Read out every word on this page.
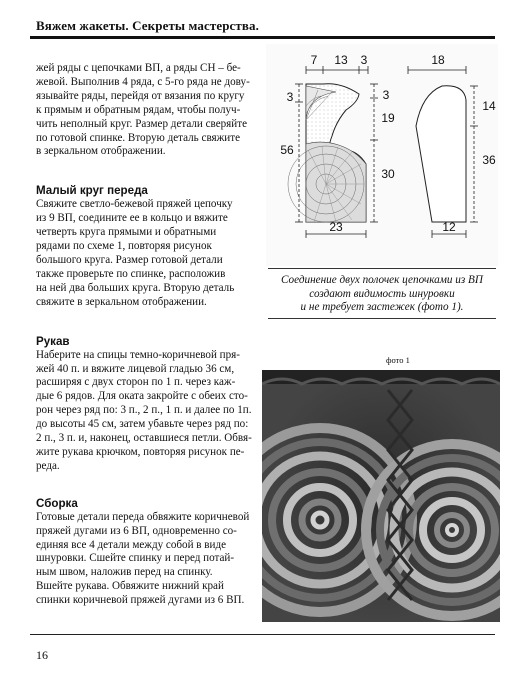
Вяжем жакеты. Секреты мастерства.

жей ряды с цепочками ВП, а ряды СН – бе-
жевой. Выполнив 4 ряда, с 5-го ряда не дову-
язывайте ряды, перейдя от вязания по кругу
к прямым и обратным рядам, чтобы получ-
чить неполный круг. Размер детали сверяйте
по готовой спинке. Вторую деталь свяжите
в зеркальном отображении.

Малый круг переда

Свяжите светло-бежевой пряжей цепочку
из 9 ВП, соедините ее в кольцо и вяжите
четверть круга прямыми и обратными
рядами по схеме 1, повторяя рисунок
большого круга. Размер готовой детали
также проверьте по спинке, расположив
на ней два больших круга. Вторую деталь
свяжите в зеркальном отображении.

Рукав

Наберите на спицы темно-коричневой пря-
жей 40 п. и вяжите лицевой гладью 36 см,
расширяя с двух сторон по 1 п. через каж-
дые 6 рядов. Для оката закройте с обеих сто-
рон через ряд по: 3 п., 2 п., 1 п. и далее по 1п.
до высоты 45 см, затем убавьте через ряд по:
2 п., 3 п. и, наконец, оставшиеся петли. Обвя-
жите рукава крючком, повторяя рисунок пе-
реда.

Сборка

Готовые детали переда обвяжите коричневой
пряжей дугами из 6 ВП, одновременно со-
единяя все 4 детали между собой в виде
шнуровки. Сшейте спинку и перед потай-
ным швом, наложив перед на спинку.
Вшейте рукава. Обвяжите нижний край
спинки коричневой пряжей дугами из 6 ВП.

7 13 3
3
56
3
19
30
23
18
14
36
12
Соединение двух полочек цепочками из ВП
создают видимость шнуровки
и не требует застежек (фото 1).
фото 1
16
